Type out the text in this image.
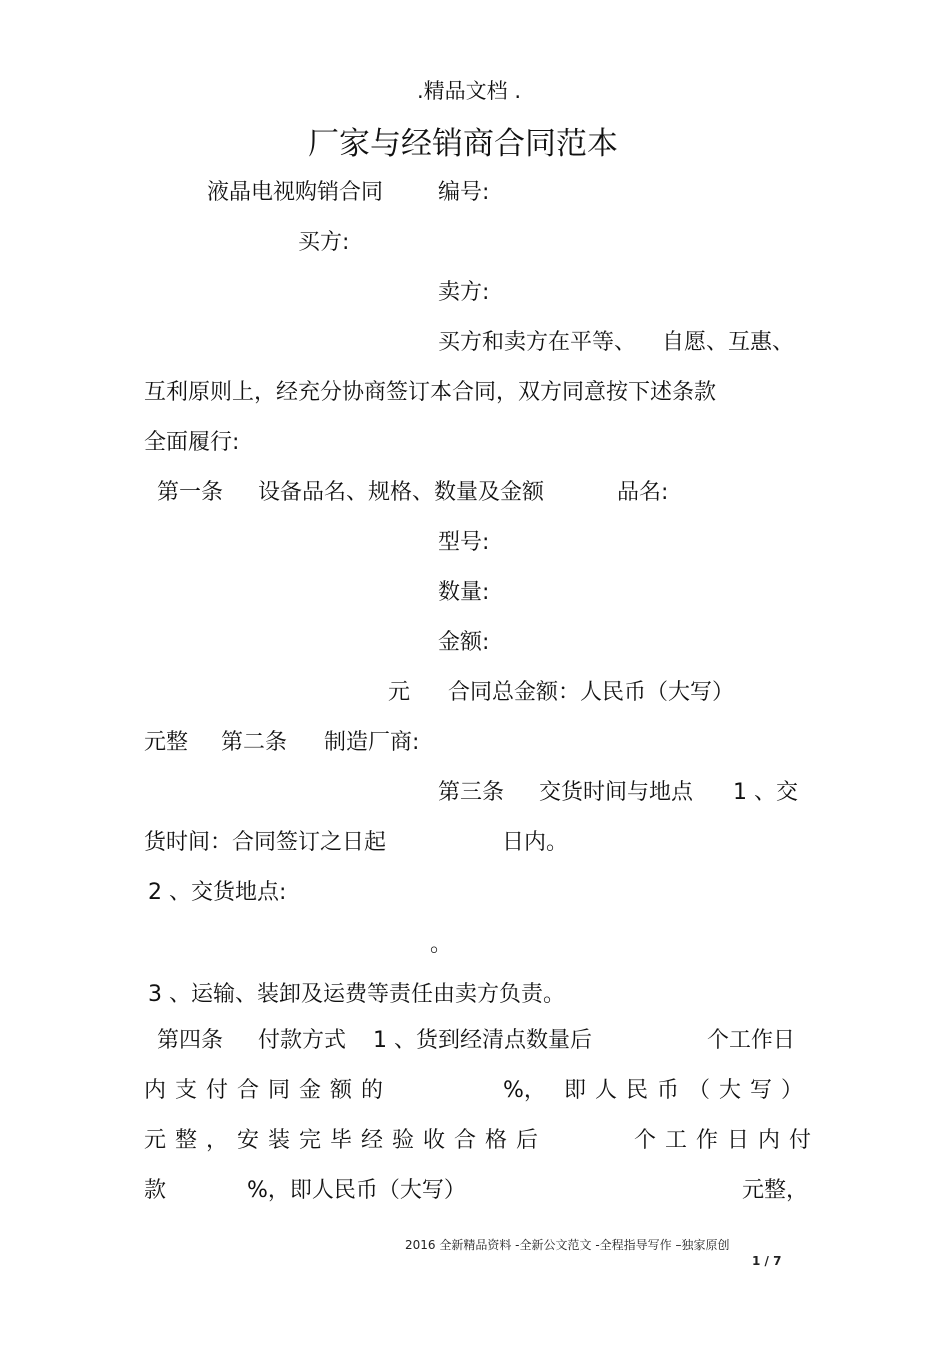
.精品文档 .
厂家与经销商合同范本
液晶电视购销合同 编号:
买方:
卖方:
买方和卖方在平等、 自愿、互惠、
互利原则上，经充分协商签订本合同，双方同意按下述条款
全面履行:
第一条 设备品名、规格、数量及金额	品名:
型号:
数量:
金额:
元 合同总金额：人民币（大写）
元整 第二条 制造厂商:
第三条 交货时间与地点 1 、交
货时间：合同签订之日起	日内。
2 、交货地点:
。
3 、运输、装卸及运费等责任由卖方负责。
第四条 付款方式 1 、货到经清点数量后	个工作日
内支付合同金额的	%， 即人民币（大写）
元整，安装完毕经验收合格后	个工作日内付
款	%，即人民币（大写）	元整，
2016 全新精品资料 -全新公文范文 -全程指导写作 –独家原创
1 / 7
